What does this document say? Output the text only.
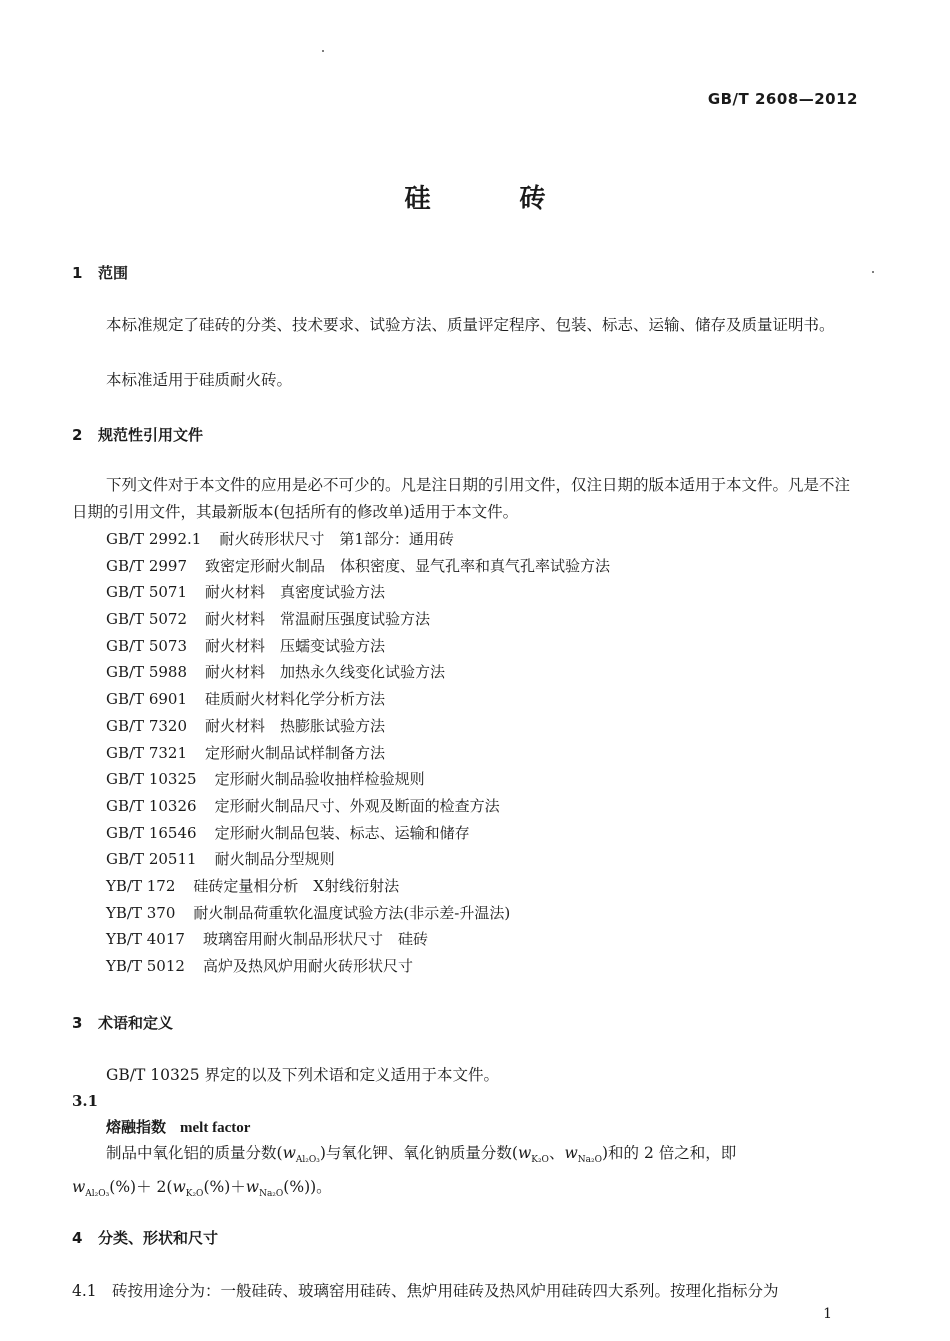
GB/T 2608—2012
硅 砖
1 范围
本标准规定了硅砖的分类、技术要求、试验方法、质量评定程序、包装、标志、运输、储存及质量证明书。
本标准适用于硅质耐火砖。
2 规范性引用文件
下列文件对于本文件的应用是必不可少的。凡是注日期的引用文件，仅注日期的版本适用于本文件。凡是不注日期的引用文件，其最新版本(包括所有的修改单)适用于本文件。
GB/T 2992.1 耐火砖形状尺寸　第1部分：通用砖
GB/T 2997 致密定形耐火制品　体积密度、显气孔率和真气孔率试验方法
GB/T 5071 耐火材料　真密度试验方法
GB/T 5072 耐火材料　常温耐压强度试验方法
GB/T 5073 耐火材料　压蠕变试验方法
GB/T 5988 耐火材料　加热永久线变化试验方法
GB/T 6901 硅质耐火材料化学分析方法
GB/T 7320 耐火材料　热膨胀试验方法
GB/T 7321 定形耐火制品试样制备方法
GB/T 10325 定形耐火制品验收抽样检验规则
GB/T 10326 定形耐火制品尺寸、外观及断面的检查方法
GB/T 16546 定形耐火制品包装、标志、运输和储存
GB/T 20511 耐火制品分型规则
YB/T 172 硅砖定量相分析　X射线衍射法
YB/T 370 耐火制品荷重软化温度试验方法(非示差-升温法)
YB/T 4017 玻璃窑用耐火制品形状尺寸　硅砖
YB/T 5012 高炉及热风炉用耐火砖形状尺寸
3 术语和定义
GB/T 10325 界定的以及下列术语和定义适用于本文件。
3.1
熔融指数 melt factor
制品中氧化铝的质量分数$(w_{Al_2O_3})$与氧化钾、氧化钠质量分数($w_{K_2O}$、$w_{Na_2O}$)和的 2 倍之和，即
$w_{Al_2O_3}(\%)+ 2(w_{K_2O}(\%)+w_{Na_2O}(\%))$。
4 分类、形状和尺寸
4.1 砖按用途分为：一般硅砖、玻璃窑用硅砖、焦炉用硅砖及热风炉用硅砖四大系列。按理化指标分为
1
